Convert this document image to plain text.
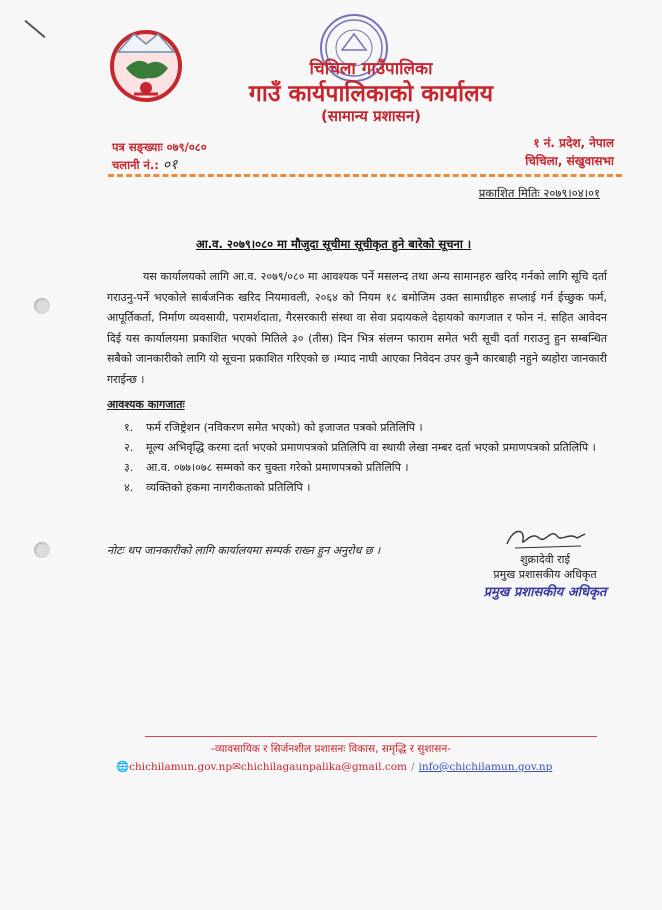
चिचिला गाउँपालिका
गाउँ कार्यपालिकाको कार्यालय
(सामान्य प्रशासन)
पत्र सङ्ख्याः ०७९/०८०
चलानी नं.: ०१
१ नं. प्रदेश, नेपाल
चिचिला, संखुवासभा
प्रकाशित मितिः २०७९।०४।०१
आ.व. २०७९।०८० मा मौजुदा सूचीमा सूचीकृत हुने बारेको सूचना ।
यस कार्यालयको लागि आ.व. २०७९/०८० मा आवश्यक पर्ने मसलन्द तथा अन्य सामानहरु खरिद गर्नको लागि सूचि दर्ता गराउनु-पर्ने भएकोले सार्बजनिक खरिद नियमावली, २०६४ को नियम १८ बमोजिम उक्त सामाग्रीहरु सप्लाई गर्न ईच्छुक फर्म, आपूर्तिकर्ता, निर्माण व्यवसायी, परामर्शदाता, गैरसरकारी संस्था वा सेवा प्रदायकले देहायको कागजात र फोन नं. सहित आवेदन दिई यस कार्यालयमा प्रकाशित भएको मितिले ३० (तीस) दिन भित्र संलग्न फाराम समेत भरी सूची दर्ता गराउनु हुन सम्बन्धित सबैको जानकारीको लागि यो सूचना प्रकाशित गरिएको छ ।म्याद नाघी आएका निवेदन उपर कुनै कारबाही नहुने ब्यहोरा जानकारी गराईन्छ ।
आवश्यक कागजातः
१.	फर्म रजिष्ट्रेशन (नविकरण समेत भएको) को इजाजत पत्रको प्रतिलिपि ।
२.	मूल्य अभिवृद्धि करमा दर्ता भएको प्रमाणपत्रको प्रतिलिपि वा स्थायी लेखा नम्बर दर्ता भएको प्रमाणपत्रको प्रतिलिपि ।
३.	आ.व. ०७७।०७८ सम्मको कर चुक्ता गरेको प्रमाणपत्रको प्रतिलिपि ।
४.	व्यक्तिको हकमा नागरीकताको प्रतिलिपि ।
नोटः थप जानकारीको लागि कार्यालयमा सम्पर्क राख्न हुन अनुरोध छ ।
शुक्रादेवी राई
प्रमुख प्रशासकीय अधिकृत
प्रमुख प्रशासकीय अधिकृत
-व्यावसायिक र सिर्जनशील प्रशासनः विकास, समृद्धि र सुशासन-
🌐chichilamun.gov.np✉chichilagaunpalika@gmail.com / info@chichilamun.gov.np
